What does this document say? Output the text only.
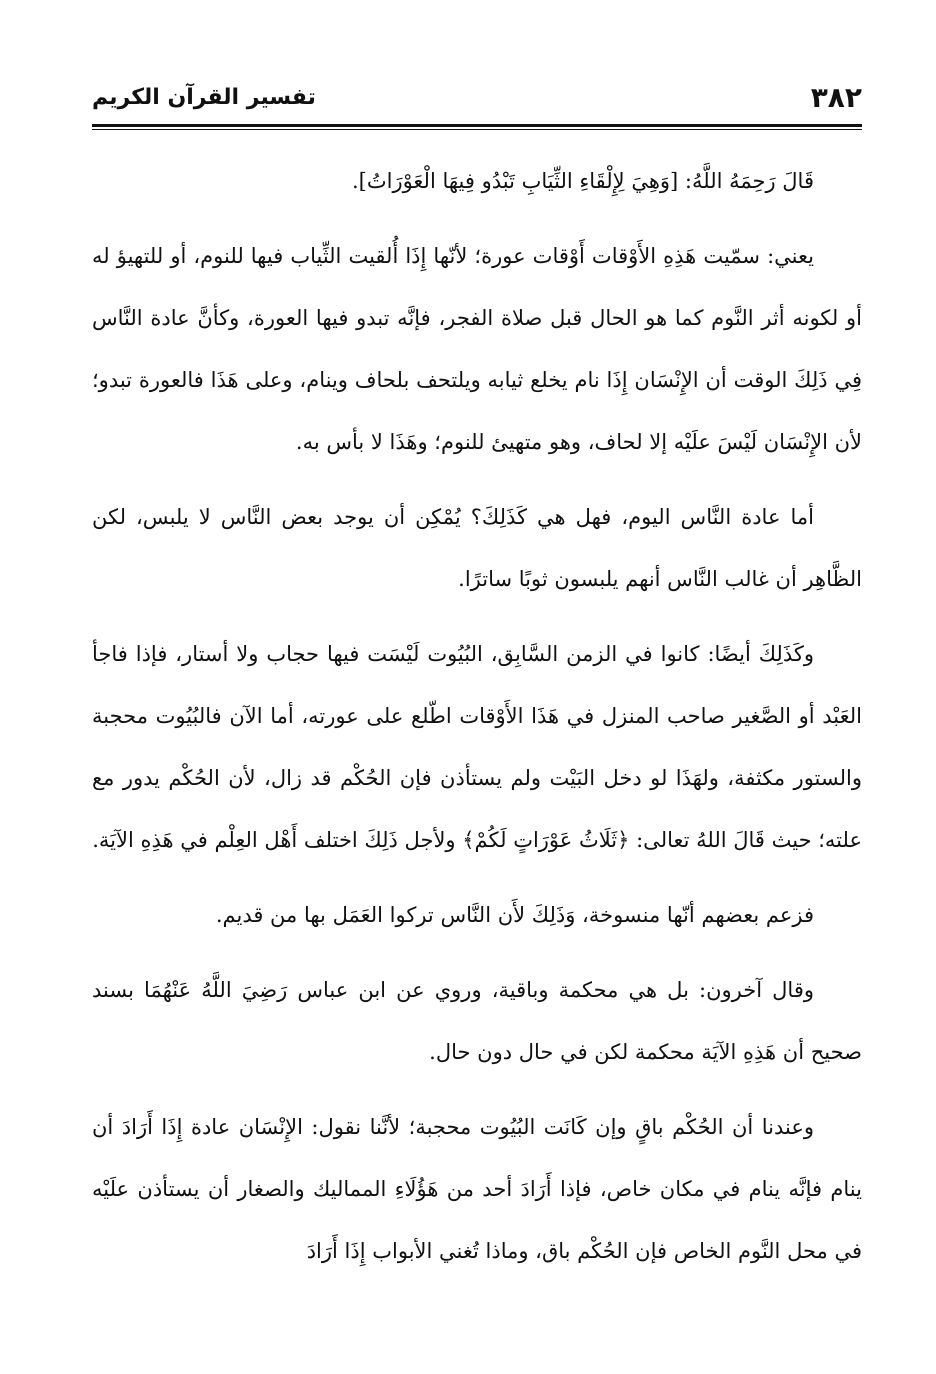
٣٨٢
تفسير القرآن الكريم

قَالَ رَحِمَهُ اللَّهُ: [وَهِيَ لِإِلْقَاءِ الثِّيَابِ تَبْدُو فِيهَا الْعَوْرَاتُ].

يعني: سمّيت هَذِهِ الأَوْقات أَوْقات عورة؛ لأنّها إِذَا أُلقيت الثِّياب فيها للنوم، أو للتهيؤ له أو لكونه أثر النَّوم كما هو الحال قبل صلاة الفجر، فإنَّه تبدو فيها العورة، وكأنَّ عادة النَّاس فِي ذَلِكَ الوقت أن الإِنْسَان إِذَا نام يخلع ثيابه ويلتحف بلحاف وينام، وعلى هَذَا فالعورة تبدو؛ لأن الإِنْسَان لَيْسَ علَيْه إلا لحاف، وهو متهيئ للنوم؛ وهَذَا لا بأس به.

أما عادة النَّاس اليوم، فهل هي كَذَلِكَ؟ يُمْكِن أن يوجد بعض النَّاس لا يلبس، لكن الظَّاهِر أن غالب النَّاس أنهم يلبسون ثوبًا ساترًا.

وكَذَلِكَ أيضًا: كانوا في الزمن السَّابِق، البُيُوت لَيْسَت فيها حجاب ولا أستار، فإذا فاجأ العَبْد أو الصَّغير صاحب المنزل في هَذَا الأَوْقات اطّلع على عورته، أما الآن فالبُيُوت محجبة والستور مكثفة، ولهَذَا لو دخل البَيْت ولم يستأذن فإن الحُكْم قد زال، لأن الحُكْم يدور مع علته؛ حيث قَالَ اللهُ تعالى: ﴿ثَلَاثُ عَوْرَاتٍ لَكُمْ﴾ ولأجل ذَلِكَ اختلف أَهْل العِلْم في هَذِهِ الآيَة.

فزعم بعضهم أنّها منسوخة، وَذَلِكَ لأَن النَّاس تركوا العَمَل بها من قديم.

وقال آخرون: بل هي محكمة وباقية، وروي عن ابن عباس رَضِيَ اللَّهُ عَنْهُمَا بسند صحيح أن هَذِهِ الآيَة محكمة لكن في حال دون حال.

وعندنا أن الحُكْم باقٍ وإن كَانَت البُيُوت محجبة؛ لأنَّنا نقول: الإِنْسَان عادة إِذَا أَرَادَ أن ينام فإنَّه ينام في مكان خاص، فإذا أَرَادَ أحد من هَؤُلَاءِ المماليك والصغار أن يستأذن علَيْه في محل النَّوم الخاص فإن الحُكْم باق، وماذا تُغني الأبواب إِذَا أَرَادَ
